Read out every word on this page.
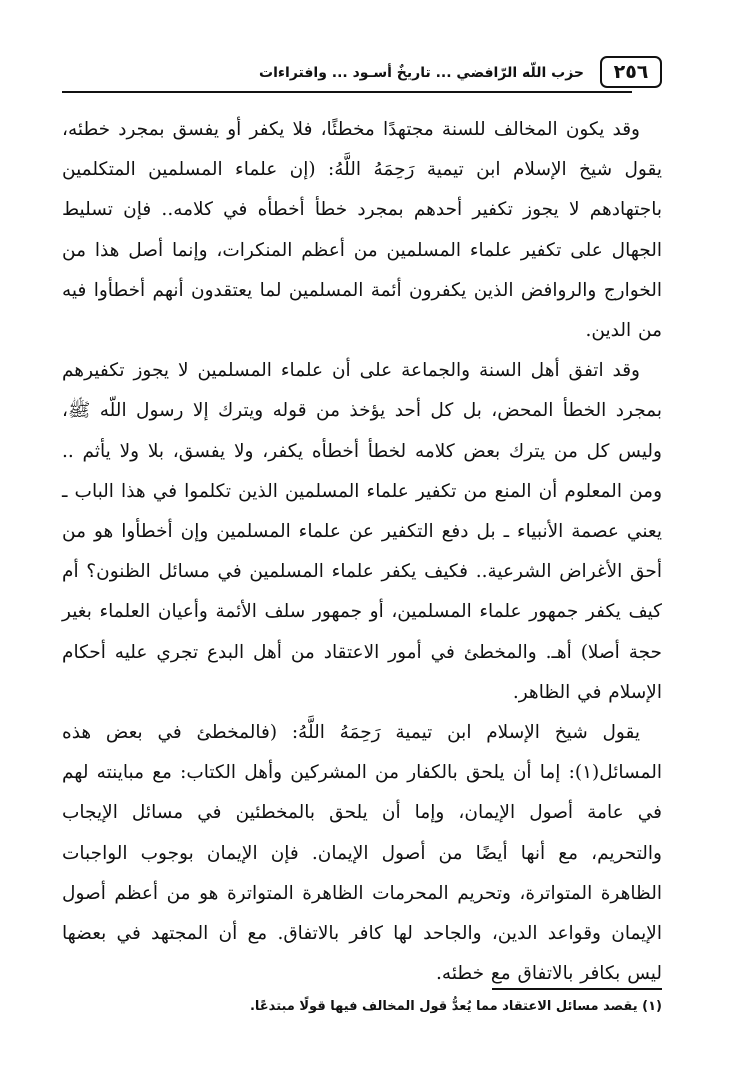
٢٥٦
حزب اللّه الرّافضي ... تاريخٌ أسـود ... وافتراءات

وقد يكون المخالف للسنة مجتهدًا مخطئًا، فلا يكفر أو يفسق بمجرد خطئه، يقول شيخ الإسلام ابن تيمية رَحِمَهُ اللَّهُ: (إن علماء المسلمين المتكلمين باجتهادهم لا يجوز تكفير أحدهم بمجرد خطأ أخطأه في كلامه.. فإن تسليط الجهال على تكفير علماء المسلمين من أعظم المنكرات، وإنما أصل هذا من الخوارج والروافض الذين يكفرون أئمة المسلمين لما يعتقدون أنهم أخطأوا فيه من الدين.

وقد اتفق أهل السنة والجماعة على أن علماء المسلمين لا يجوز تكفيرهم بمجرد الخطأ المحض، بل كل أحد يؤخذ من قوله ويترك إلا رسول اللّه ﷺ، وليس كل من يترك بعض كلامه لخطأ أخطأه يكفر، ولا يفسق، بلا ولا يأثم .. ومن المعلوم أن المنع من تكفير علماء المسلمين الذين تكلموا في هذا الباب ـ يعني عصمة الأنبياء ـ بل دفع التكفير عن علماء المسلمين وإن أخطأوا هو من أحق الأغراض الشرعية.. فكيف يكفر علماء المسلمين في مسائل الظنون؟ أم كيف يكفر جمهور علماء المسلمين، أو جمهور سلف الأئمة وأعيان العلماء بغير حجة أصلا) أهـ. والمخطئ في أمور الاعتقاد من أهل البدع تجري عليه أحكام الإسلام في الظاهر.

يقول شيخ الإسلام ابن تيمية رَحِمَهُ اللَّهُ: (فالمخطئ في بعض هذه المسائل(١): إما أن يلحق بالكفار من المشركين وأهل الكتاب: مع مباينته لهم في عامة أصول الإيمان، وإما أن يلحق بالمخطئين في مسائل الإيجاب والتحريم، مع أنها أيضًا من أصول الإيمان. فإن الإيمان بوجوب الواجبات الظاهرة المتواترة، وتحريم المحرمات الظاهرة المتواترة هو من أعظم أصول الإيمان وقواعد الدين، والجاحد لها كافر بالاتفاق. مع أن المجتهد في بعضها ليس بكافر بالاتفاق مع خطئه.

(١) يقصد مسائل الاعتقاد مما يُعدُّ قول المخالف فيها قولًا مبتدعًا.
